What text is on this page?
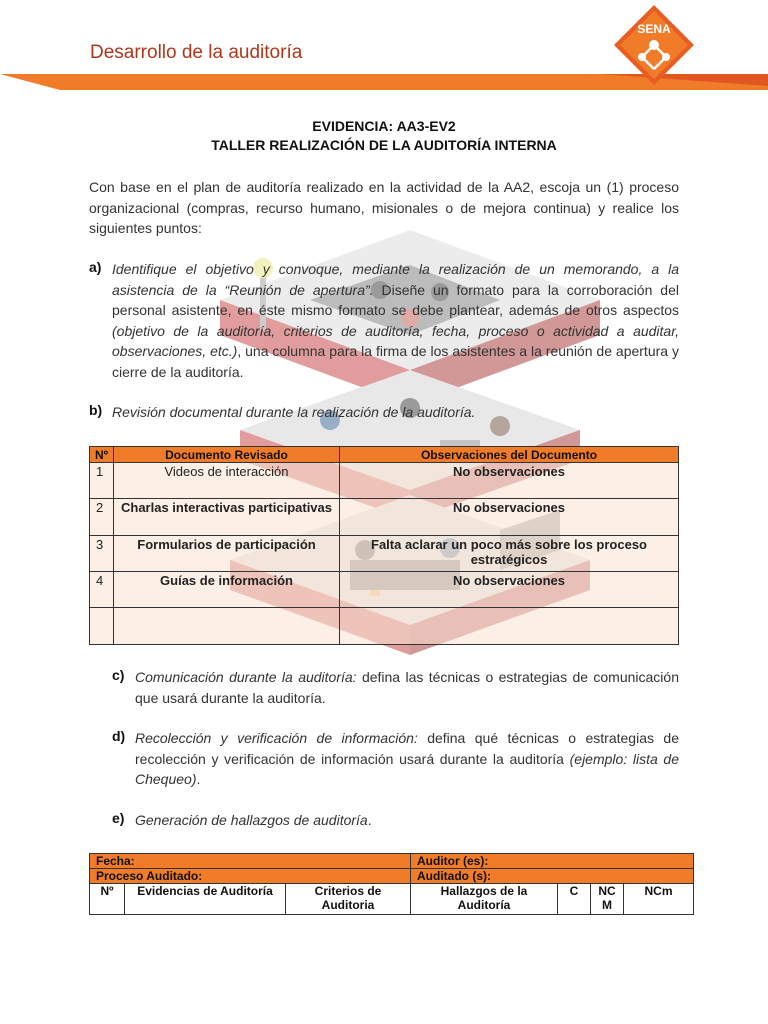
Desarrollo de la auditoría
SENA
EVIDENCIA: AA3-EV2
TALLER REALIZACIÓN DE LA AUDITORÍA INTERNA
Con base en el plan de auditoría realizado en la actividad de la AA2, escoja un (1) proceso organizacional (compras, recurso humano, misionales o de mejora continua) y realice los siguientes puntos:
a) Identifique el objetivo y convoque, mediante la realización de un memorando, a la asistencia de la “Reunión de apertura”. Diseñe un formato para la corroboración del personal asistente, en éste mismo formato se debe plantear, además de otros aspectos (objetivo de la auditoría, criterios de auditoría, fecha, proceso o actividad a auditar, observaciones, etc.), una columna para la firma de los asistentes a la reunión de apertura y cierre de la auditoría.
b) Revisión documental durante la realización de la auditoría.
Nº	Documento Revisado	Observaciones del Documento
1	Videos de interacción	No observaciones
2	Charlas interactivas participativas	No observaciones
3	Formularios de participación	Falta aclarar un poco más sobre los proceso estratégicos
4	Guías de información	No observaciones

c) Comunicación durante la auditoría: defina las técnicas o estrategias de comunicación que usará durante la auditoría.
d) Recolección y verificación de información: defina qué técnicas o estrategias de recolección y verificación de información usará durante la auditoría (ejemplo: lista de Chequeo).
e) Generación de hallazgos de auditoría.
Fecha:			Auditor (es):			
Proceso Auditado:			Auditado (s):			
Nº	Evidencias de Auditoría	Criterios de Auditoria	Hallazgos de la Auditoría	C	NC M	NCm
